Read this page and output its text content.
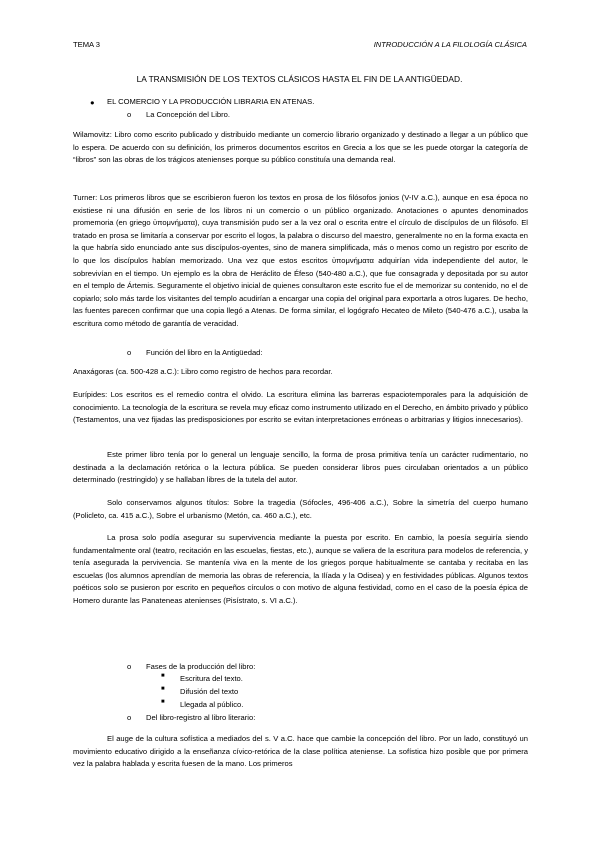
TEMA 3	INTRODUCCIÓN A LA FILOLOGÍA CLÁSICA
LA TRANSMISIÓN DE LOS TEXTOS CLÁSICOS HASTA EL FIN DE LA ANTIGÜEDAD.
● EL COMERCIO Y LA PRODUCCIÓN LIBRARIA EN ATENAS.
o La Concepción del Libro.

Wilamovitz: Libro como escrito publicado y distribuido mediante un comercio librario organizado y destinado a llegar a un público que lo espera. De acuerdo con su definición, los primeros documentos escritos en Grecia a los que se les puede otorgar la categoría de “libros” son las obras de los trágicos atenienses porque su público constituía una demanda real.

Turner: Los primeros libros que se escribieron fueron los textos en prosa de los filósofos jonios (V-IV a.C.), aunque en esa época no existiese ni una difusión en serie de los libros ni un comercio o un público organizado. Anotaciones o apuntes denominados promemoria (en griego ὑπομνήματα), cuya transmisión pudo ser a la vez oral o escrita entre el círculo de discípulos de un filósofo. El tratado en prosa se limitaría a conservar por escrito el logos, la palabra o discurso del maestro, generalmente no en la forma exacta en la que habría sido enunciado ante sus discípulos-oyentes, sino de manera simplificada, más o menos como un registro por escrito de lo que los discípulos habían memorizado. Una vez que estos escritos ὑπομνήματα adquirían vida independiente del autor, le sobrevivían en el tiempo. Un ejemplo es la obra de Heráclito de Éfeso (540-480 a.C.), que fue consagrada y depositada por su autor en el templo de Ártemis. Seguramente el objetivo inicial de quienes consultaron este escrito fue el de memorizar su contenido, no el de copiarlo; solo más tarde los visitantes del templo acudirían a encargar una copia del original para exportarla a otros lugares. De hecho, las fuentes parecen confirmar que una copia llegó a Atenas. De forma similar, el logógrafo Hecateo de Mileto (540-476 a.C.), usaba la escritura como método de garantía de veracidad.

o Función del libro en la Antigüedad:

Anaxágoras (ca. 500-428 a.C.): Libro como registro de hechos para recordar.

Eurípides: Los escritos es el remedio contra el olvido. La escritura elimina las barreras espaciotemporales para la adquisición de conocimiento. La tecnología de la escritura se revela muy eficaz como instrumento utilizado en el Derecho, en ámbito privado y público (Testamentos, una vez fijadas las predisposiciones por escrito se evitan interpretaciones erróneas o arbitrarias y litigios innecesarios).

Este primer libro tenía por lo general un lenguaje sencillo, la forma de prosa primitiva tenía un carácter rudimentario, no destinada a la declamación retórica o la lectura pública. Se pueden considerar libros pues circulaban orientados a un público determinado (restringido) y se hallaban libres de la tutela del autor.

Solo conservamos algunos títulos: Sobre la tragedia (Sófocles, 496-406 a.C.), Sobre la simetría del cuerpo humano (Policleto, ca. 415 a.C.), Sobre el urbanismo (Metón, ca. 460 a.C.), etc.

La prosa solo podía asegurar su supervivencia mediante la puesta por escrito. En cambio, la poesía seguiría siendo fundamentalmente oral (teatro, recitación en las escuelas, fiestas, etc.), aunque se valiera de la escritura para modelos de referencia, y tenía asegurada la pervivencia. Se mantenía viva en la mente de los griegos porque habitualmente se cantaba y recitaba en las escuelas (los alumnos aprendían de memoria las obras de referencia, la Ilíada y la Odisea) y en festividades públicas. Algunos textos poéticos solo se pusieron por escrito en pequeños círculos o con motivo de alguna festividad, como en el caso de la poesía épica de Homero durante las Panateneas atenienses (Pisístrato, s. VI a.C.).

o Fases de la producción del libro:
■ Escritura del texto.
■ Difusión del texto
■ Llegada al público.
o Del libro-registro al libro literario:

El auge de la cultura sofística a mediados del s. V a.C. hace que cambie la concepción del libro. Por un lado, constituyó un movimiento educativo dirigido a la enseñanza cívico-retórica de la clase política ateniense. La sofística hizo posible que por primera vez la palabra hablada y escrita fuesen de la mano. Los primeros
